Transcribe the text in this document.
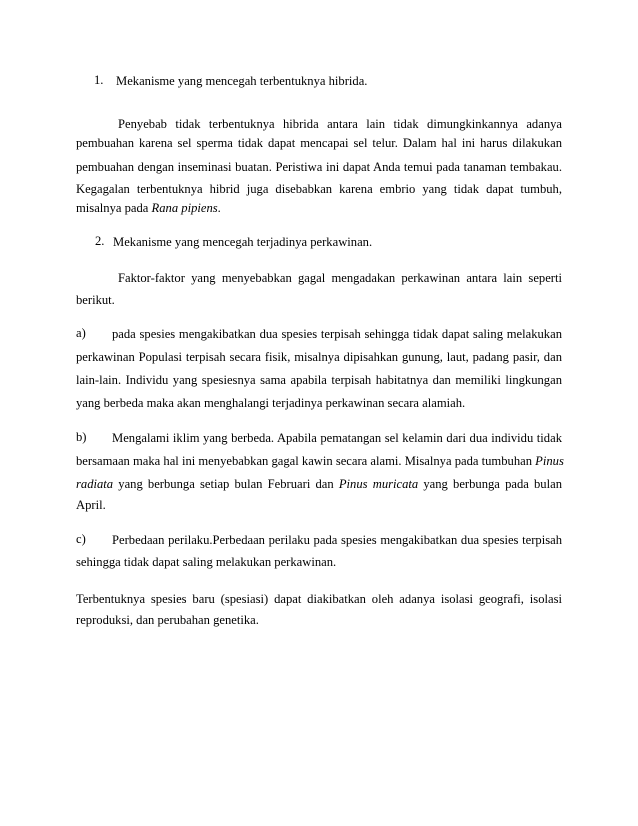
1. Mekanisme yang mencegah terbentuknya hibrida.
Penyebab tidak terbentuknya hibrida antara lain tidak dimungkinkannya adanya
pembuahan karena sel sperma tidak dapat mencapai sel telur. Dalam hal ini harus dilakukan
pembuahan dengan inseminasi buatan. Peristiwa ini dapat Anda temui pada tanaman tembakau.
Kegagalan terbentuknya hibrid juga disebabkan karena embrio yang tidak dapat tumbuh,
misalnya pada Rana pipiens.
2. Mekanisme yang mencegah terjadinya perkawinan.
Faktor-faktor yang menyebabkan gagal mengadakan perkawinan antara lain seperti
berikut.
a) pada spesies mengakibatkan dua spesies terpisah sehingga tidak dapat saling melakukan
perkawinan Populasi terpisah secara fisik, misalnya dipisahkan gunung, laut, padang pasir, dan
lain-lain. Individu yang spesiesnya sama apabila terpisah habitatnya dan memiliki lingkungan
yang berbeda maka akan menghalangi terjadinya perkawinan secara alamiah.
b) Mengalami iklim yang berbeda. Apabila pematangan sel kelamin dari dua individu tidak
bersamaan maka hal ini menyebabkan gagal kawin secara alami. Misalnya pada tumbuhan Pinus
radiata yang berbunga setiap bulan Februari dan Pinus muricata yang berbunga pada bulan
April.
c) Perbedaan perilaku.Perbedaan perilaku pada spesies mengakibatkan dua spesies terpisah
sehingga tidak dapat saling melakukan perkawinan.
Terbentuknya spesies baru (spesiasi) dapat diakibatkan oleh adanya isolasi geografi, isolasi
reproduksi, dan perubahan genetika.
